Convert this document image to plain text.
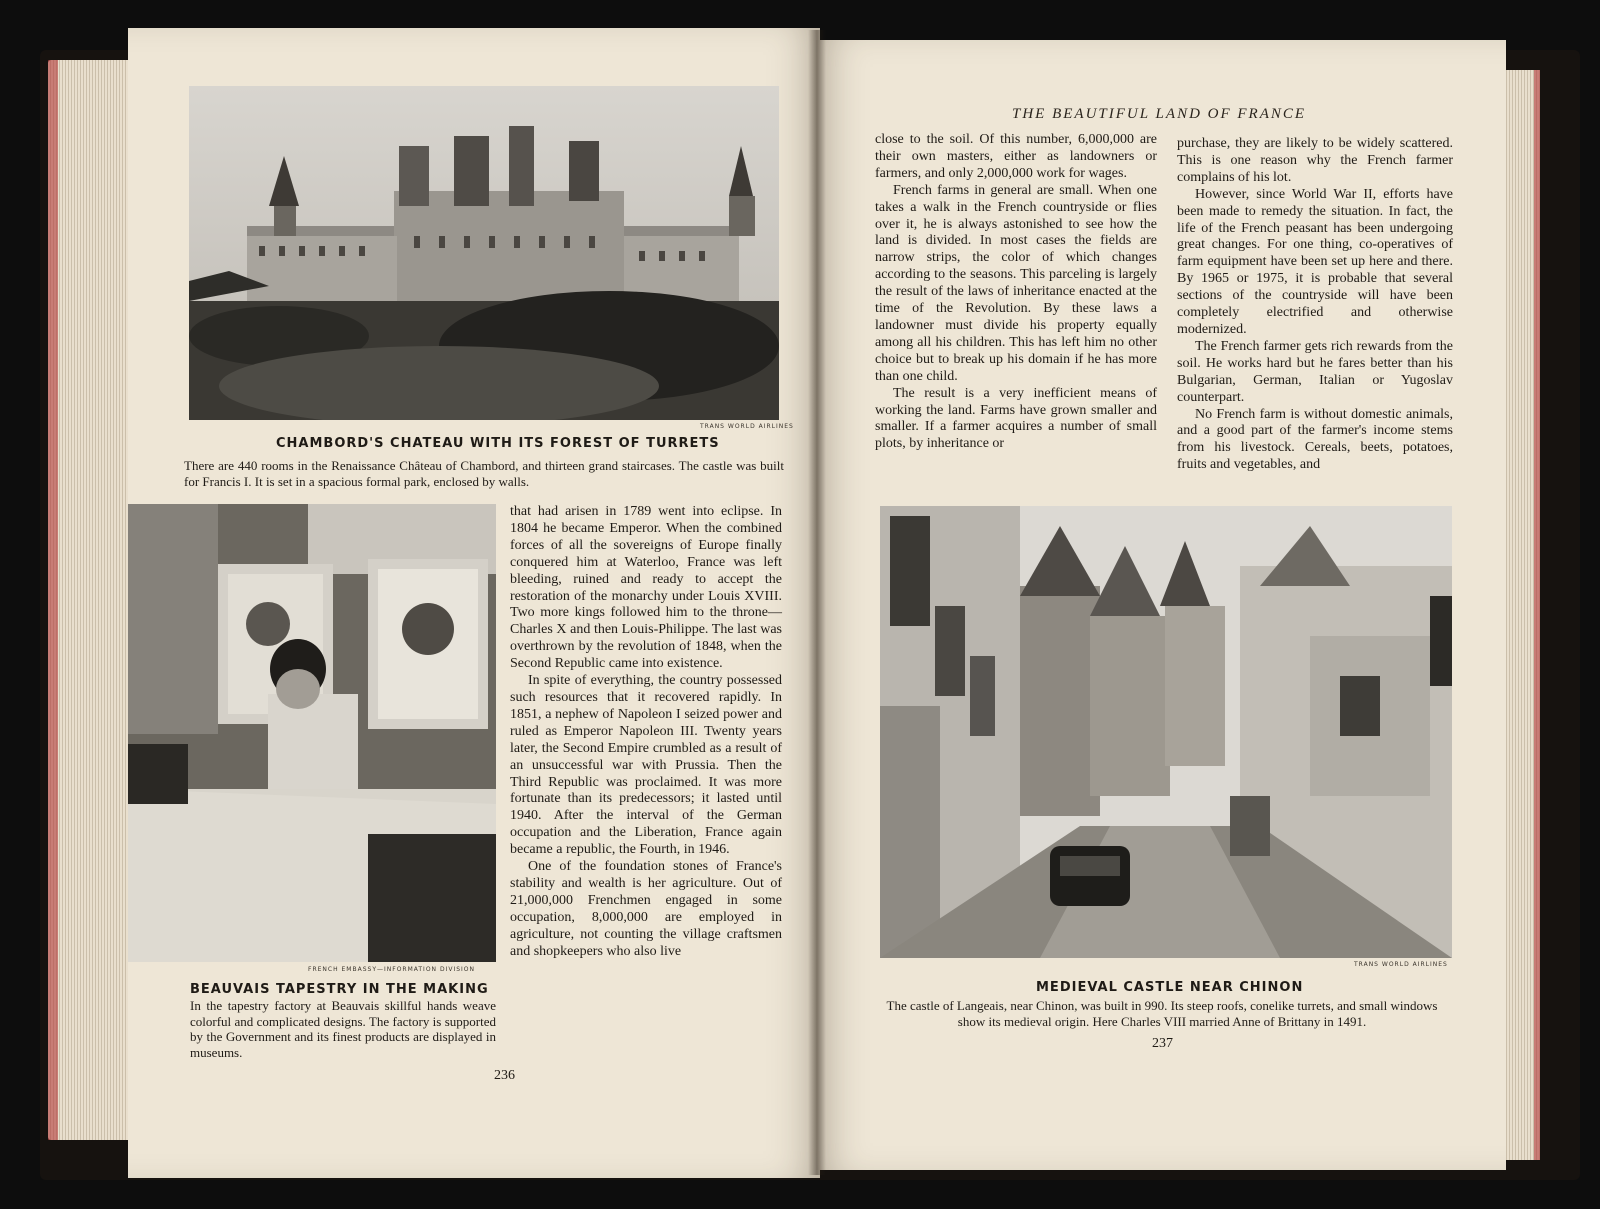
TRANS WORLD AIRLINES
CHAMBORD'S CHATEAU WITH ITS FOREST OF TURRETS
There are 440 rooms in the Renaissance Château of Chambord, and thirteen grand staircases. The castle was built for Francis I. It is set in a spacious formal park, enclosed by walls.
FRENCH EMBASSY—INFORMATION DIVISION
BEAUVAIS TAPESTRY IN THE MAKING
In the tapestry factory at Beauvais skillful hands weave colorful and complicated designs. The factory is supported by the Government and its finest products are displayed in museums.

that had arisen in 1789 went into eclipse. In 1804 he became Emperor. When the combined forces of all the sovereigns of Europe finally conquered him at Waterloo, France was left bleeding, ruined and ready to accept the restoration of the monarchy under Louis XVIII. Two more kings followed him to the throne—Charles X and then Louis-Philippe. The last was overthrown by the revolution of 1848, when the Second Republic came into existence.

In spite of everything, the country possessed such resources that it recovered rapidly. In 1851, a nephew of Napoleon I seized power and ruled as Emperor Napoleon III. Twenty years later, the Second Empire crumbled as a result of an unsuccessful war with Prussia. Then the Third Republic was proclaimed. It was more fortunate than its predecessors; it lasted until 1940. After the interval of the German occupation and the Liberation, France again became a republic, the Fourth, in 1946.

One of the foundation stones of France's stability and wealth is her agriculture. Out of 21,000,000 Frenchmen engaged in some occupation, 8,000,000 are employed in agriculture, not counting the village craftsmen and shopkeepers who also live

236
THE BEAUTIFUL LAND OF FRANCE

close to the soil. Of this number, 6,000,000 are their own masters, either as landowners or farmers, and only 2,000,000 work for wages.

French farms in general are small. When one takes a walk in the French countryside or flies over it, he is always astonished to see how the land is divided. In most cases the fields are narrow strips, the color of which changes according to the seasons. This parceling is largely the result of the laws of inheritance enacted at the time of the Revolution. By these laws a landowner must divide his property equally among all his children. This has left him no other choice but to break up his domain if he has more than one child.

The result is a very inefficient means of working the land. Farms have grown smaller and smaller. If a farmer acquires a number of small plots, by inheritance or

purchase, they are likely to be widely scattered. This is one reason why the French farmer complains of his lot.

However, since World War II, efforts have been made to remedy the situation. In fact, the life of the French peasant has been undergoing great changes. For one thing, co-operatives of farm equipment have been set up here and there. By 1965 or 1975, it is probable that several sections of the countryside will have been completely electrified and otherwise modernized.

The French farmer gets rich rewards from the soil. He works hard but he fares better than his Bulgarian, German, Italian or Yugoslav counterpart.

No French farm is without domestic animals, and a good part of the farmer's income stems from his livestock. Cereals, beets, potatoes, fruits and vegetables, and

TRANS WORLD AIRLINES
MEDIEVAL CASTLE NEAR CHINON
The castle of Langeais, near Chinon, was built in 990. Its steep roofs, conelike turrets, and small windows show its medieval origin. Here Charles VIII married Anne of Brittany in 1491.
237
